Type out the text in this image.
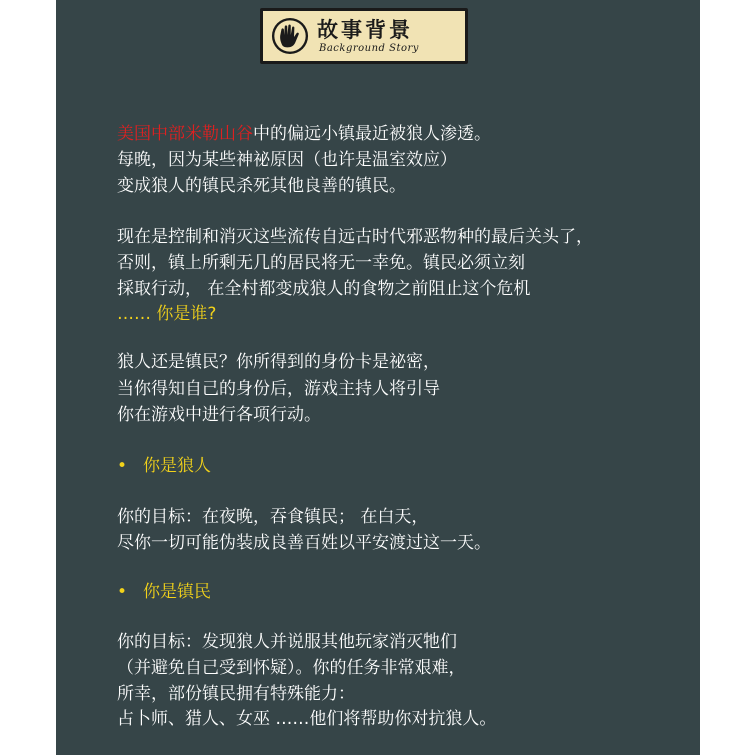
故事背景
Background Story
美国中部米勒山谷中的偏远小镇最近被狼人渗透。
每晚，因为某些神祕原因（也许是温室效应）
变成狼人的镇民杀死其他良善的镇民。
现在是控制和消灭这些流传自远古时代邪恶物种的最后关头了，
否则，镇上所剩无几的居民将无一幸免。镇民必须立刻
採取行动， 在全村都变成狼人的食物之前阻止这个危机
…… 你是谁?
狼人还是镇民？你所得到的身份卡是祕密，
当你得知自己的身份后，游戏主持人将引导
你在游戏中进行各项行动。
• 你是狼人
你的目标：在夜晚，吞食镇民； 在白天，
尽你一切可能伪装成良善百姓以平安渡过这一天。
• 你是镇民
你的目标：发现狼人并说服其他玩家消灭牠们
（并避免自己受到怀疑）。你的任务非常艰难，
所幸，部份镇民拥有特殊能力：
占卜师、猎人、女巫 ……他们将帮助你对抗狼人。
